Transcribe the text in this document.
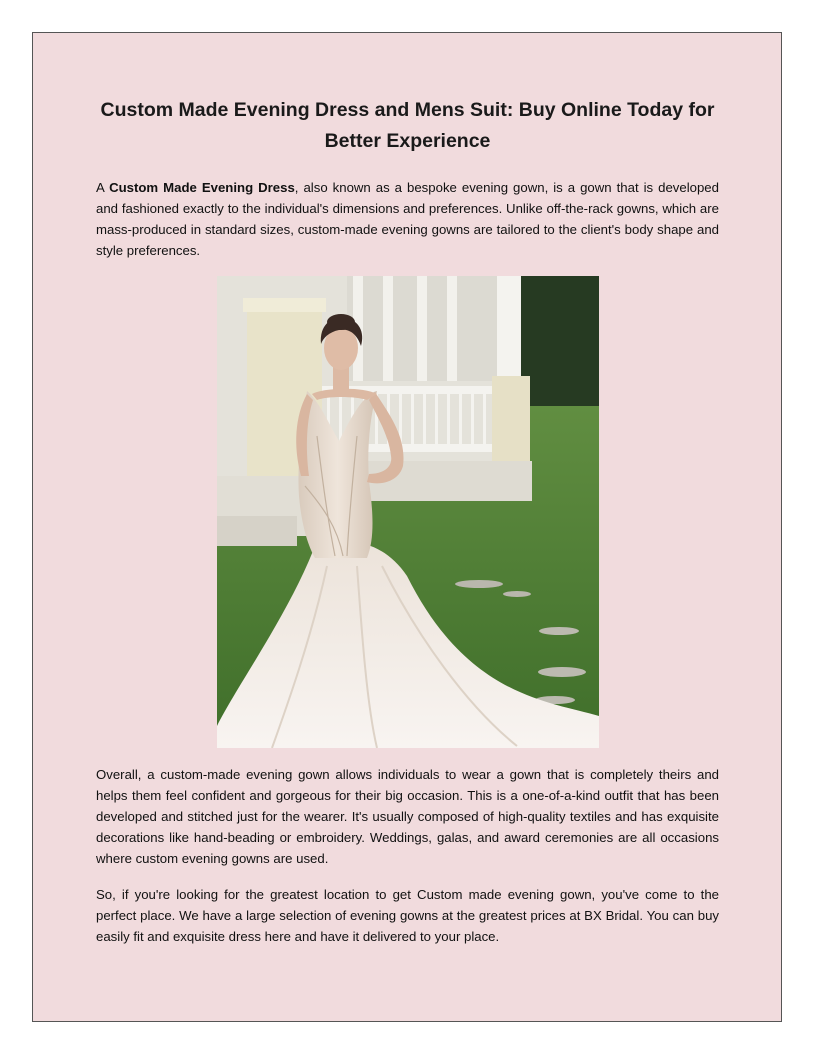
Custom Made Evening Dress and Mens Suit: Buy Online Today for Better Experience

A Custom Made Evening Dress, also known as a bespoke evening gown, is a gown that is developed and fashioned exactly to the individual's dimensions and preferences. Unlike off-the-rack gowns, which are mass-produced in standard sizes, custom-made evening gowns are tailored to the client's body shape and style preferences.

Overall, a custom-made evening gown allows individuals to wear a gown that is completely theirs and helps them feel confident and gorgeous for their big occasion. This is a one-of-a-kind outfit that has been developed and stitched just for the wearer. It's usually composed of high-quality textiles and has exquisite decorations like hand-beading or embroidery. Weddings, galas, and award ceremonies are all occasions where custom evening gowns are used.

So, if you're looking for the greatest location to get Custom made evening gown, you've come to the perfect place. We have a large selection of evening gowns at the greatest prices at BX Bridal. You can buy easily fit and exquisite dress here and have it delivered to your place.
